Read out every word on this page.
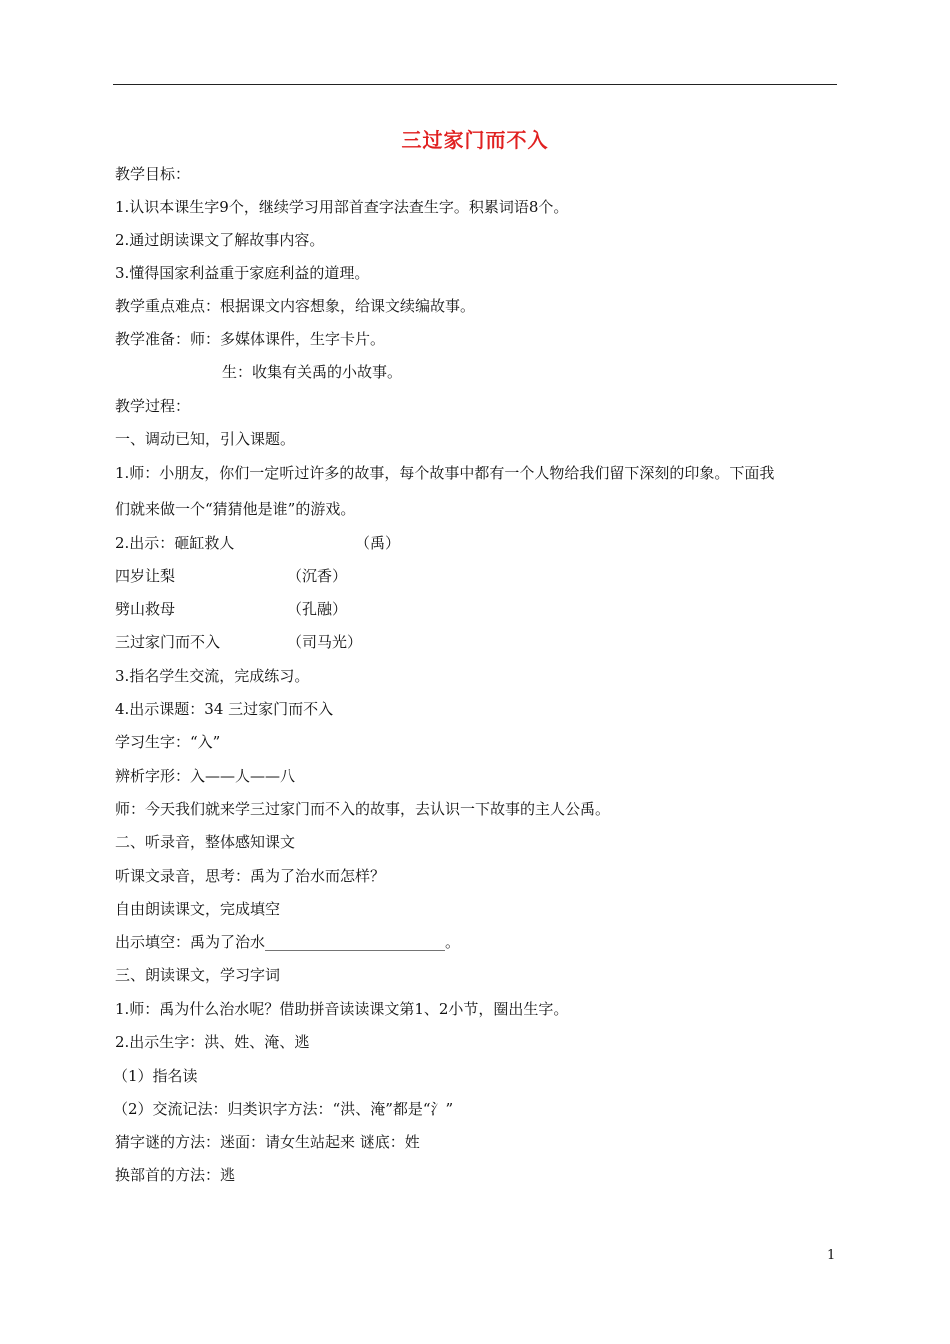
三过家门而不入
教学目标：
1.认识本课生字9个，继续学习用部首查字法查生字。积累词语8个。
2.通过朗读课文了解故事内容。
3.懂得国家利益重于家庭利益的道理。
教学重点难点：根据课文内容想象，给课文续编故事。
教学准备：师：多媒体课件，生字卡片。
生：收集有关禹的小故事。
教学过程：
一、调动已知，引入课题。
1.师：小朋友，你们一定听过许多的故事，每个故事中都有一个人物给我们留下深刻的印象。下面我
们就来做一个“猜猜他是谁”的游戏。
2.出示：砸缸救人	（禹）
四岁让梨	（沉香）
劈山救母	（孔融）
三过家门而不入	（司马光）
3.指名学生交流，完成练习。
4.出示课题：34 三过家门而不入
学习生字：“入”
辨析字形：入——人——八
师：今天我们就来学三过家门而不入的故事，去认识一下故事的主人公禹。
二、听录音，整体感知课文
听课文录音，思考：禹为了治水而怎样？
自由朗读课文，完成填空
出示填空：禹为了治水________________________。
三、朗读课文，学习字词
1.师：禹为什么治水呢？借助拼音读读课文第1、2小节，圈出生字。
2.出示生字：洪、姓、淹、逃
（1）指名读
（2）交流记法：归类识字方法：“洪、淹”都是“氵”
猜字谜的方法：迷面：请女生站起来 谜底：姓
换部首的方法：逃
1
